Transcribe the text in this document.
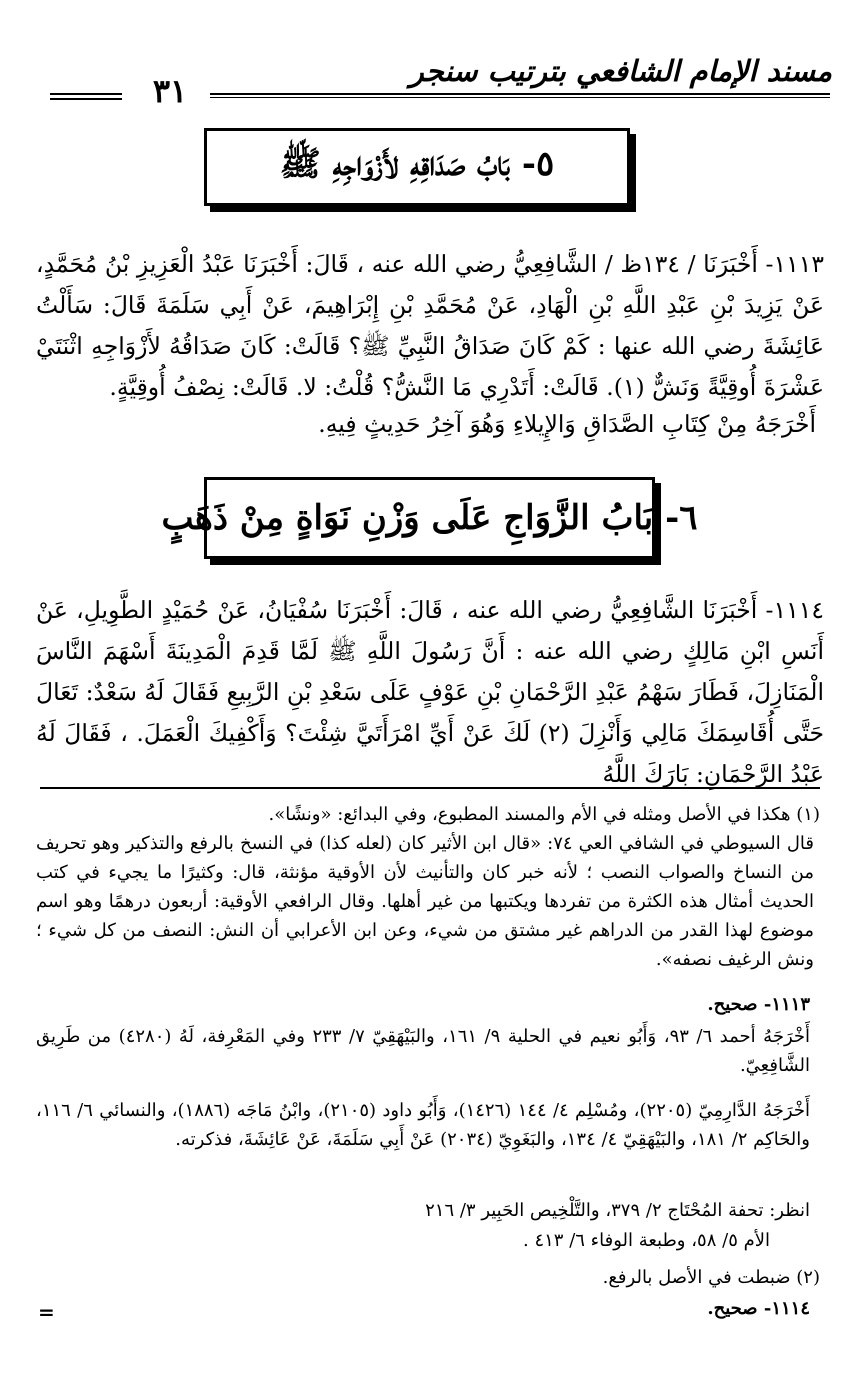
مسند الإمام الشافعي بترتيب سنجر
٣١
٥- بَابُ صَدَاقِهِ لأَزْوَاجِهِ ﷺ
١١١٣- أَخْبَرَنَا / ١٣٤ظ / الشَّافِعِيُّ رضي الله عنه ، قَالَ: أَخْبَرَنَا عَبْدُ الْعَزِيزِ بْنُ مُحَمَّدٍ، عَنْ يَزِيدَ بْنِ عَبْدِ اللَّهِ بْنِ الْهَادِ، عَنْ مُحَمَّدِ بْنِ إِبْرَاهِيمَ، عَنْ أَبِي سَلَمَةَ قَالَ: سَأَلْتُ عَائِشَةَ رضي الله عنها : كَمْ كَانَ صَدَاقُ النَّبِيِّ ﷺ؟ قَالَتْ: كَانَ صَدَاقُهُ لأَزْوَاجِهِ اثْنَتَيْ عَشْرَةَ أُوقِيَّةً وَنَشٌّ (١). قَالَتْ: أَتَدْرِي مَا النَّشُّ؟ قُلْتُ: لا. قَالَتْ: نِصْفُ أُوقِيَّةٍ.
أَخْرَجَهُ مِنْ كِتَابِ الصَّدَاقِ وَالإِيلاءِ وَهُوَ آخِرُ حَدِيثٍ فِيهِ.
٦- بَابُ الزَّوَاجِ عَلَى وَزْنِ نَوَاةٍ مِنْ ذَهَبٍ
١١١٤- أَخْبَرَنَا الشَّافِعِيُّ رضي الله عنه ، قَالَ: أَخْبَرَنَا سُفْيَانُ، عَنْ حُمَيْدٍ الطَّوِيلِ، عَنْ أَنَسِ ابْنِ مَالِكٍ رضي الله عنه : أَنَّ رَسُولَ اللَّهِ ﷺ لَمَّا قَدِمَ الْمَدِينَةَ أَسْهَمَ النَّاسَ الْمَنَازِلَ، فَطَارَ سَهْمُ عَبْدِ الرَّحْمَانِ بْنِ عَوْفٍ عَلَى سَعْدِ بْنِ الرَّبِيعِ فَقَالَ لَهُ سَعْدٌ: تَعَالَ حَتَّى أُقَاسِمَكَ مَالِي وَأَنْزِلَ (٢) لَكَ عَنْ أَيِّ امْرَأَتَيَّ شِئْتَ؟ وَأَكْفِيكَ الْعَمَلَ. ، فَقَالَ لَهُ عَبْدُ الرَّحْمَانِ: بَارَكَ اللَّهُ
(١) هكذا في الأصل ومثله في الأم والمسند المطبوع، وفي البدائع: «ونشًا».
قال السيوطي في الشافي العي ٧٤: «قال ابن الأثير كان (لعله كذا) في النسخ بالرفع والتذكير وهو تحريف من النساخ والصواب النصب ؛ لأنه خبر كان والتأنيث لأن الأوقية مؤنثة، قال: وكثيرًا ما يجيء في كتب الحديث أمثال هذه الكثرة من تفردها ويكتبها من غير أهلها. وقال الرافعي الأوقية: أربعون درهمًا وهو اسم موضوع لهذا القدر من الدراهم غير مشتق من شيء، وعن ابن الأعرابي أن النش: النصف من كل شيء ؛ ونش الرغيف نصفه».
١١١٣- صحيح.
أَخْرَجَهُ أحمد ٦/ ٩٣، وَأَبُو نعيم في الحلية ٩/ ١٦١، والبَيْهَقِيّ ٧/ ٢٣٣ وفي المَعْرِفة، لَهُ (٤٢٨٠) من طَرِيق الشَّافِعِيّ.
أَخْرَجَهُ الدَّارِمِيّ (٢٢٠٥)، ومُسْلِم ٤/ ١٤٤ (١٤٢٦)، وَأَبُو داود (٢١٠٥)، وابْنُ مَاجَه (١٨٨٦)، والنسائي ٦/ ١١٦، والحَاكِم ٢/ ١٨١، والبَيْهَقِيّ ٤/ ١٣٤، والبَغَوِيّ (٢٠٣٤) عَنْ أَبِي سَلَمَةَ، عَنْ عَائِشَةَ، فذكرته.
انظر: تحفة المُحْتَاج ٢/ ٣٧٩، والتَّلْخِيص الحَبِير ٣/ ٢١٦
الأم ٥/ ٥٨، وطبعة الوفاء ٦/ ٤١٣ .
(٢) ضبطت في الأصل بالرفع.
١١١٤- صحيح.
=
